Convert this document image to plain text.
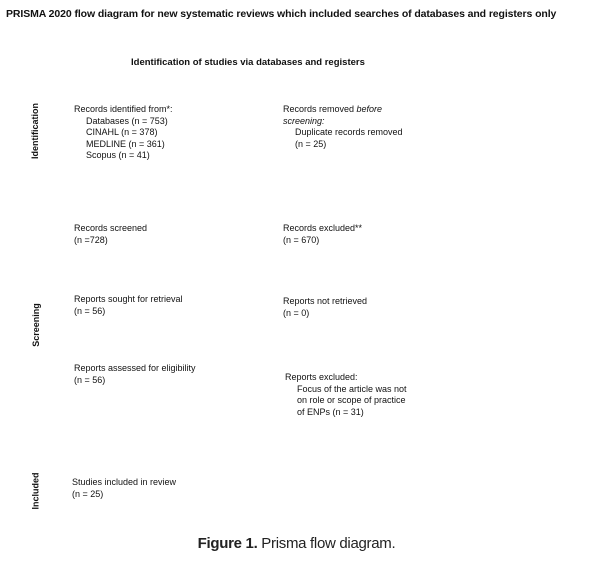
PRISMA 2020 flow diagram for new systematic reviews which included searches of databases and registers only
Identification of studies via databases and registers
Identification
Screening
Included
Records identified from*:
Databases (n = 753)
CINAHL (n = 378)
MEDLINE (n = 361)
Scopus (n = 41)
Records removed before
screening:
Duplicate records removed
(n = 25)
Records screened
(n =728)
Records excluded**
(n = 670)
Reports sought for retrieval
(n = 56)
Reports not retrieved
(n = 0)
Reports assessed for eligibility
(n = 56)	Reports excluded:
Focus of the article was not
on role or scope of practice
of ENPs (n = 31)
Studies included in review
(n = 25)
Figure 1. Prisma flow diagram.
